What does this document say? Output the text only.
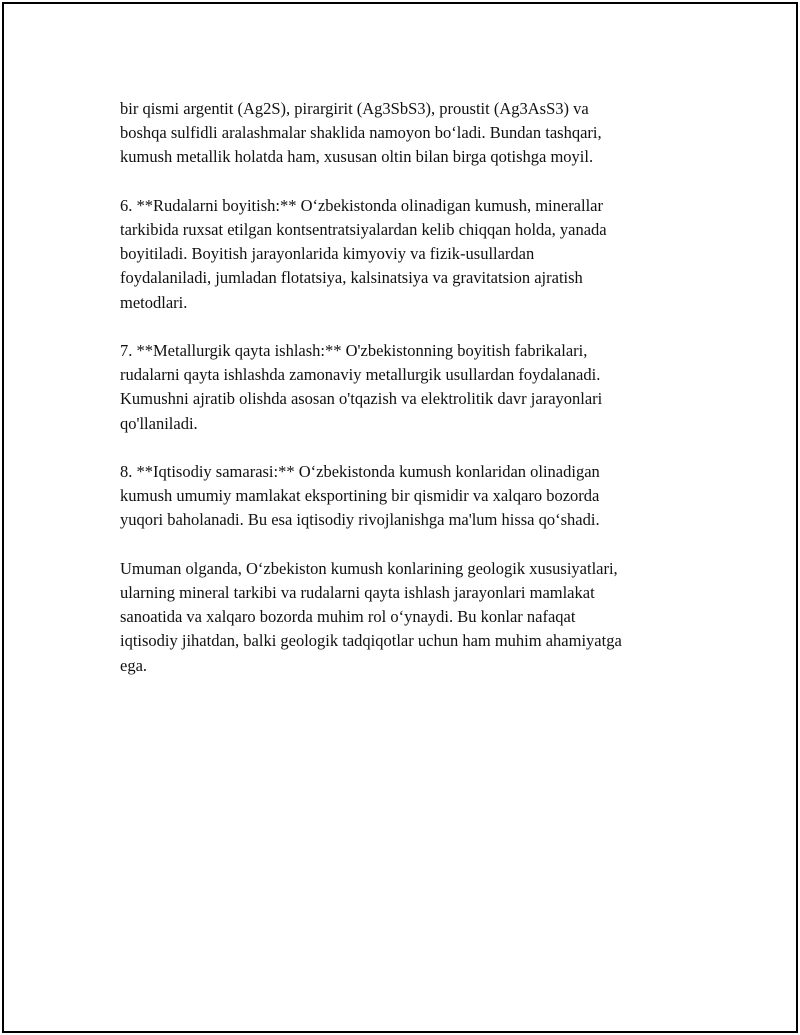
bir qismi argentit (Ag2S), pirargirit (Ag3SbS3), proustit (Ag3AsS3) va
boshqa sulfidli aralashmalar shaklida namoyon bo‘ladi. Bundan tashqari,
kumush metallik holatda ham, xususan oltin bilan birga qotishga moyil.

6. **Rudalarni boyitish:** O‘zbekistonda olinadigan kumush, minerallar
tarkibida ruxsat etilgan kontsentratsiyalardan kelib chiqqan holda, yanada
boyitiladi. Boyitish jarayonlarida kimyoviy va fizik-usullardan
foydalaniladi, jumladan flotatsiya, kalsinatsiya va gravitatsion ajratish
metodlari.

7. **Metallurgik qayta ishlash:** O'zbekistonning boyitish fabrikalari,
rudalarni qayta ishlashda zamonaviy metallurgik usullardan foydalanadi.
Kumushni ajratib olishda asosan o'tqazish va elektrolitik davr jarayonlari
qo'llaniladi.

8. **Iqtisodiy samarasi:** O‘zbekistonda kumush konlaridan olinadigan
kumush umumiy mamlakat eksportining bir qismidir va xalqaro bozorda
yuqori baholanadi. Bu esa iqtisodiy rivojlanishga ma'lum hissa qo‘shadi.

Umuman olganda, O‘zbekiston kumush konlarining geologik xususiyatlari,
ularning mineral tarkibi va rudalarni qayta ishlash jarayonlari mamlakat
sanoatida va xalqaro bozorda muhim rol o‘ynaydi. Bu konlar nafaqat
iqtisodiy jihatdan, balki geologik tadqiqotlar uchun ham muhim ahamiyatga
ega.
